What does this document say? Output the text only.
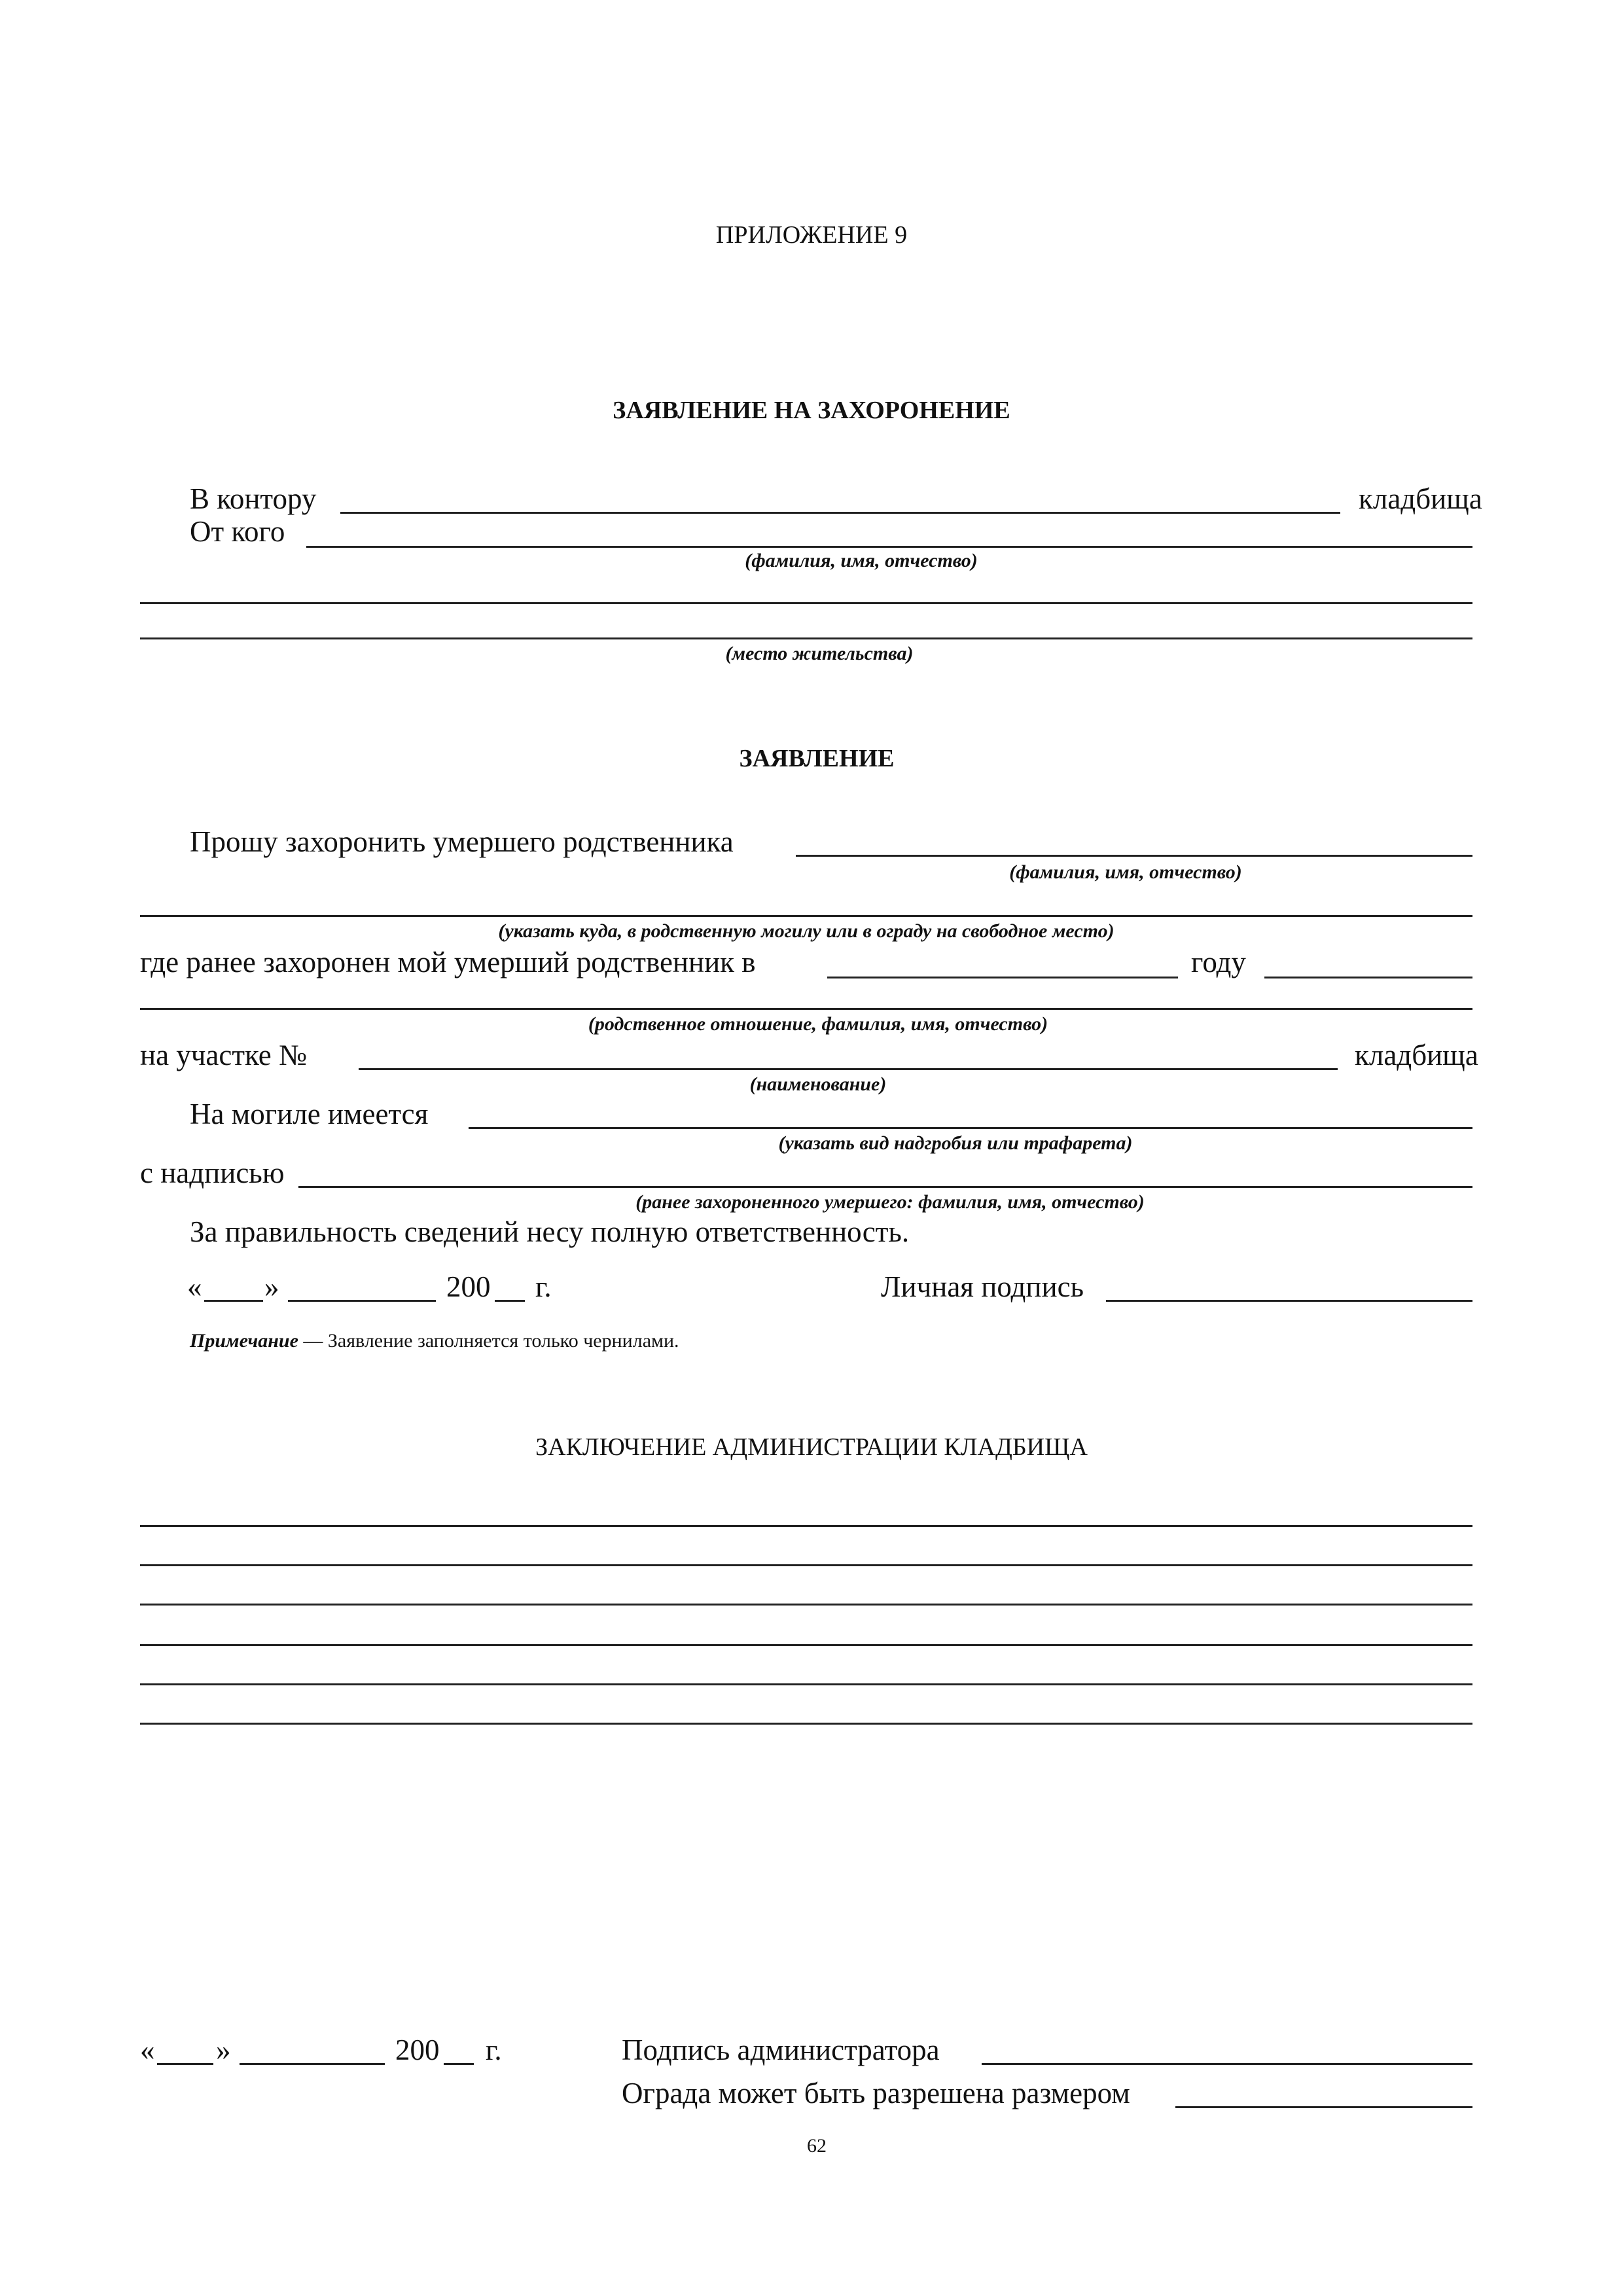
ПРИЛОЖЕНИЕ 9
ЗАЯВЛЕНИЕ НА ЗАХОРОНЕНИЕ
В контору	кладбища
От кого
(фамилия, имя, отчество)
(место жительства)
ЗАЯВЛЕНИЕ
Прошу захоронить умершего родственника
(фамилия, имя, отчество)
(указать куда, в родственную могилу или в ограду на свободное место)
где ранее захоронен мой умерший родственник в	году
(родственное отношение, фамилия, имя, отчество)
на участке №	кладбища
(наименование)
На могиле имеется
(указать вид надгробия или трафарета)
с надписью
(ранее захороненного умершего: фамилия, имя, отчество)
За правильность сведений несу полную ответственность.
« »	200 г.	Личная подпись
Примечание — Заявление заполняется только чернилами.
ЗАКЛЮЧЕНИЕ АДМИНИСТРАЦИИ КЛАДБИЩА
« »	200 г.	Подпись администратора
Ограда может быть разрешена размером
62
